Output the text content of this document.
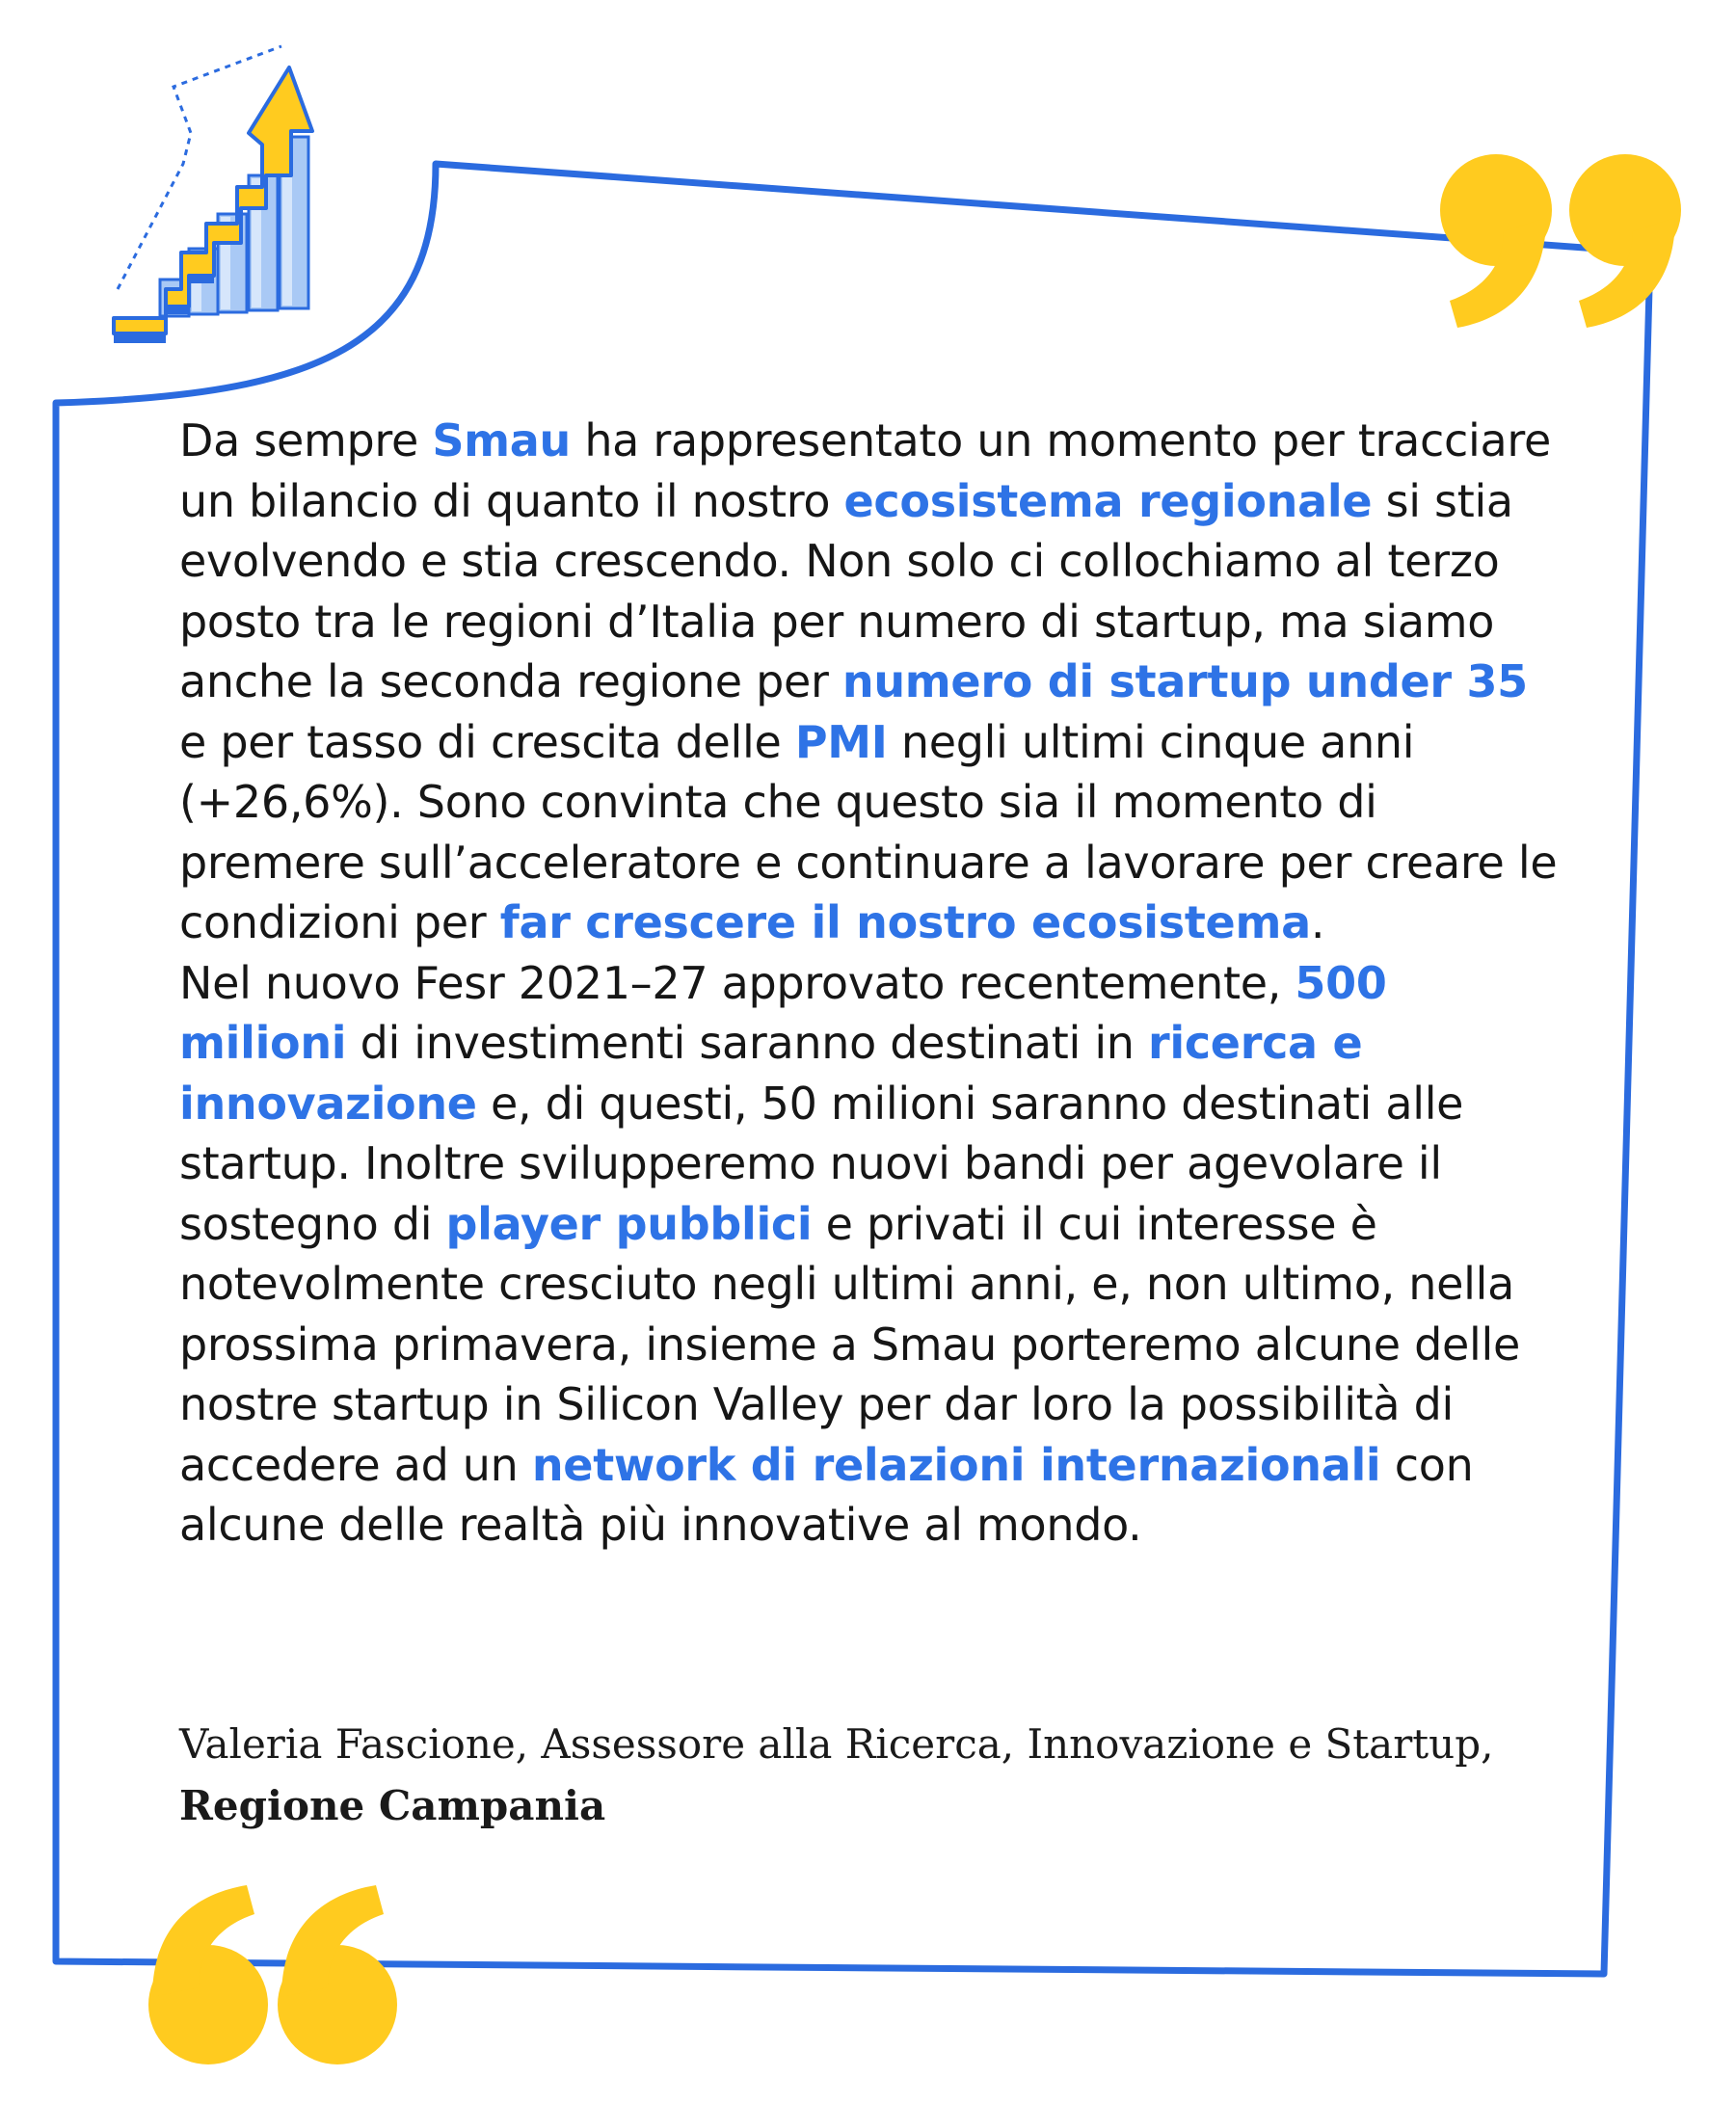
Da sempre Smau ha rappresentato un momento per tracciare un bilancio di quanto il nostro ecosistema regionale si stia evolvendo e stia crescendo. Non solo ci collochiamo al terzo posto tra le regioni d’Italia per numero di startup, ma siamo anche la seconda regione per numero di startup under 35 e per tasso di crescita delle PMI negli ultimi cinque anni (+26,6%). Sono convinta che questo sia il momento di premere sull’acceleratore e continuare a lavorare per creare le condizioni per far crescere il nostro ecosistema.
Nel nuovo Fesr 2021–27 approvato recentemente, 500 milioni di investimenti saranno destinati in ricerca e innovazione e, di questi, 50 milioni saranno destinati alle startup. Inoltre svilupperemo nuovi bandi per agevolare il sostegno di player pubblici e privati il cui interesse è notevolmente cresciuto negli ultimi anni, e, non ultimo, nella prossima primavera, insieme a Smau porteremo alcune delle nostre startup in Silicon Valley per dar loro la possibilità di accedere ad un network di relazioni internazionali con alcune delle realtà più innovative al mondo.

Valeria Fascione, Assessore alla Ricerca, Innovazione e Startup, Regione Campania
